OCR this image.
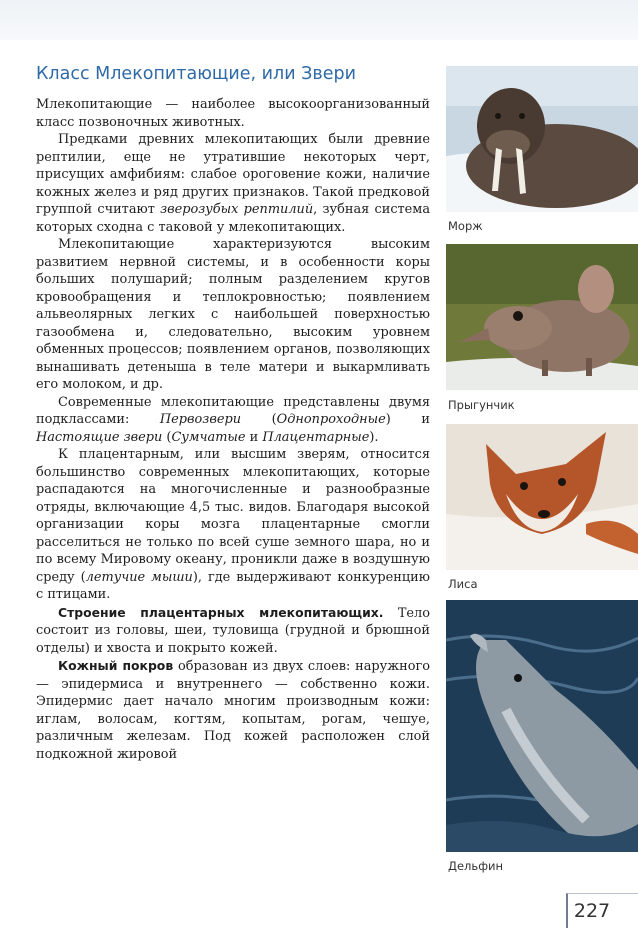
Класс Млекопитающие, или Звери

Млекопитающие — наиболее высокоорганизованный класс позвоночных животных.

Предками древних млекопитающих были древние рептилии, еще не утратившие некоторых черт, присущих амфибиям: слабое ороговение кожи, наличие кожных желез и ряд других признаков. Такой предковой группой считают зверозубых рептилий, зубная система которых сходна с таковой у млекопитающих.

Млекопитающие характеризуются высоким развитием нервной системы, и в особенности коры больших полушарий; полным разделением кругов кровообращения и теплокровностью; появлением альвеолярных легких с наибольшей поверхностью газообмена и, следовательно, высоким уровнем обменных процессов; появлением органов, позволяющих вынашивать детеныша в теле матери и выкармливать его молоком, и др.

Современные млекопитающие представлены двумя подклассами: Первозвери (Однопроходные) и Настоящие звери (Сумчатые и Плацентарные).

К плацентарным, или высшим зверям, относится большинство современных млекопитающих, которые распадаются на многочисленные и разнообразные отряды, включающие 4,5 тыс. видов. Благодаря высокой организации коры мозга плацентарные смогли расселиться не только по всей суше земного шара, но и по всему Мировому океану, проникли даже в воздушную среду (летучие мыши), где выдерживают конкуренцию с птицами.

Строение плацентарных млекопитающих. Тело состоит из головы, шеи, туловища (грудной и брюшной отделы) и хвоста и покрыто кожей.

Кожный покров образован из двух слоев: наружного — эпидермиса и внутреннего — собственно кожи. Эпидермис дает начало многим производным кожи: иглам, волосам, когтям, копытам, рогам, чешуе, различным железам. Под кожей расположен слой подкожной жировой

Морж
Прыгунчик
Лиса
Дельфин
227
